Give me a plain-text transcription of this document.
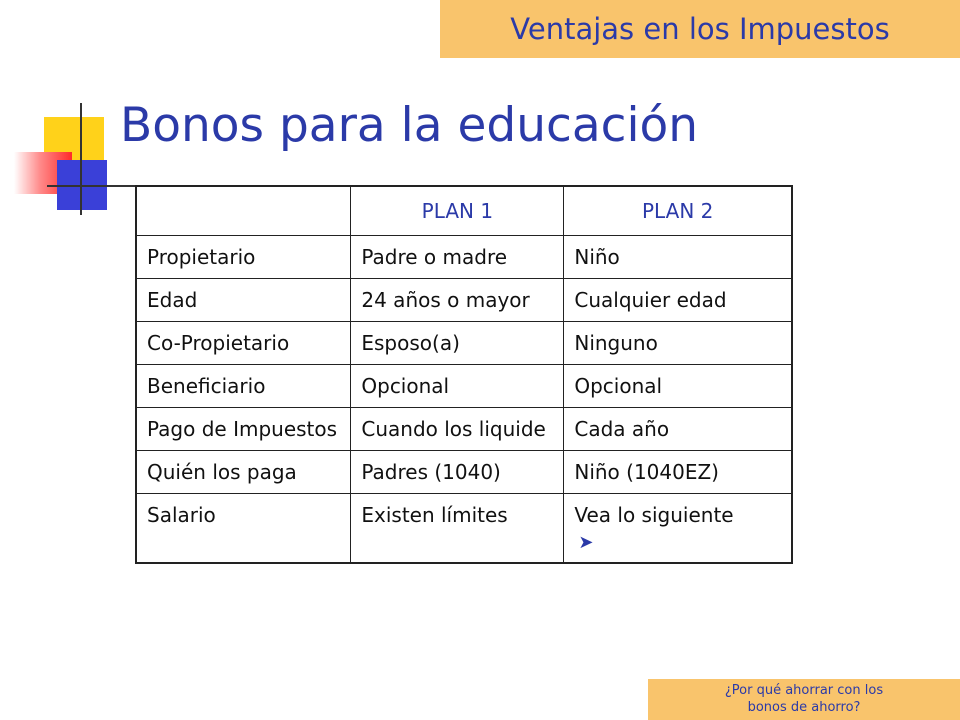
Ventajas en los Impuestos
Bonos para la educación
	PLAN 1	PLAN 2
Propietario	Padre o madre	Niño
Edad	24 años o mayor	Cualquier edad
Co-Propietario	Esposo(a)	Ninguno
Beneficiario	Opcional	Opcional
Pago de Impuestos	Cuando los liquide	Cada año
Quién los paga	Padres (1040)	Niño (1040EZ)
Salario	Existen límites	Vea lo siguiente
➤
¿Por qué ahorrar con los bonos de ahorro?
